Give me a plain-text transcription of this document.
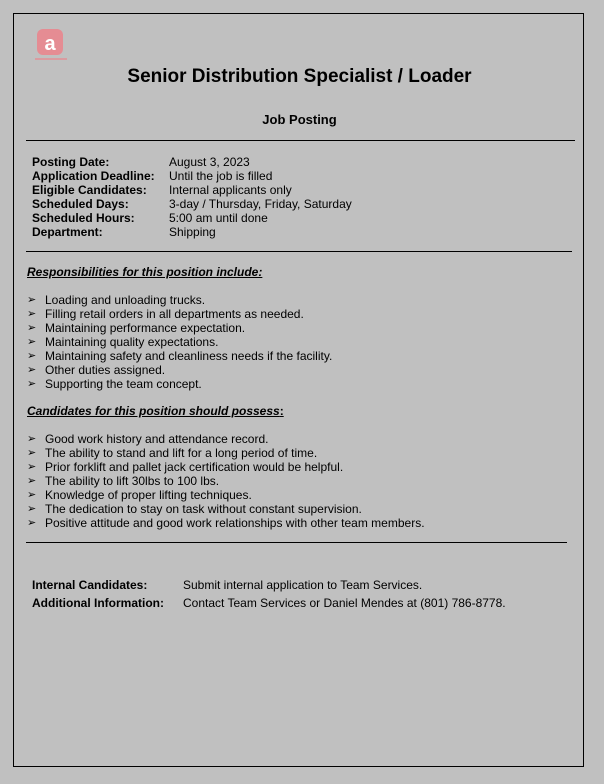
a
Senior Distribution Specialist / Loader
Job Posting
Posting Date:	August 3, 2023
Application Deadline:	Until the job is filled
Eligible Candidates:	Internal applicants only
Scheduled Days:	3-day / Thursday, Friday, Saturday
Scheduled Hours:	5:00 am until done
Department:	Shipping
Responsibilities for this position include:
➢ Loading and unloading trucks.
➢ Filling retail orders in all departments as needed.
➢ Maintaining performance expectation.
➢ Maintaining quality expectations.
➢ Maintaining safety and cleanliness needs if the facility.
➢ Other duties assigned.
➢ Supporting the team concept.
Candidates for this position should possess:
➢ Good work history and attendance record.
➢ The ability to stand and lift for a long period of time.
➢ Prior forklift and pallet jack certification would be helpful.
➢ The ability to lift 30lbs to 100 lbs.
➢ Knowledge of proper lifting techniques.
➢ The dedication to stay on task without constant supervision.
➢ Positive attitude and good work relationships with other team members.
Internal Candidates:	Submit internal application to Team Services.
Additional Information:	Contact Team Services or Daniel Mendes at (801) 786-8778.
